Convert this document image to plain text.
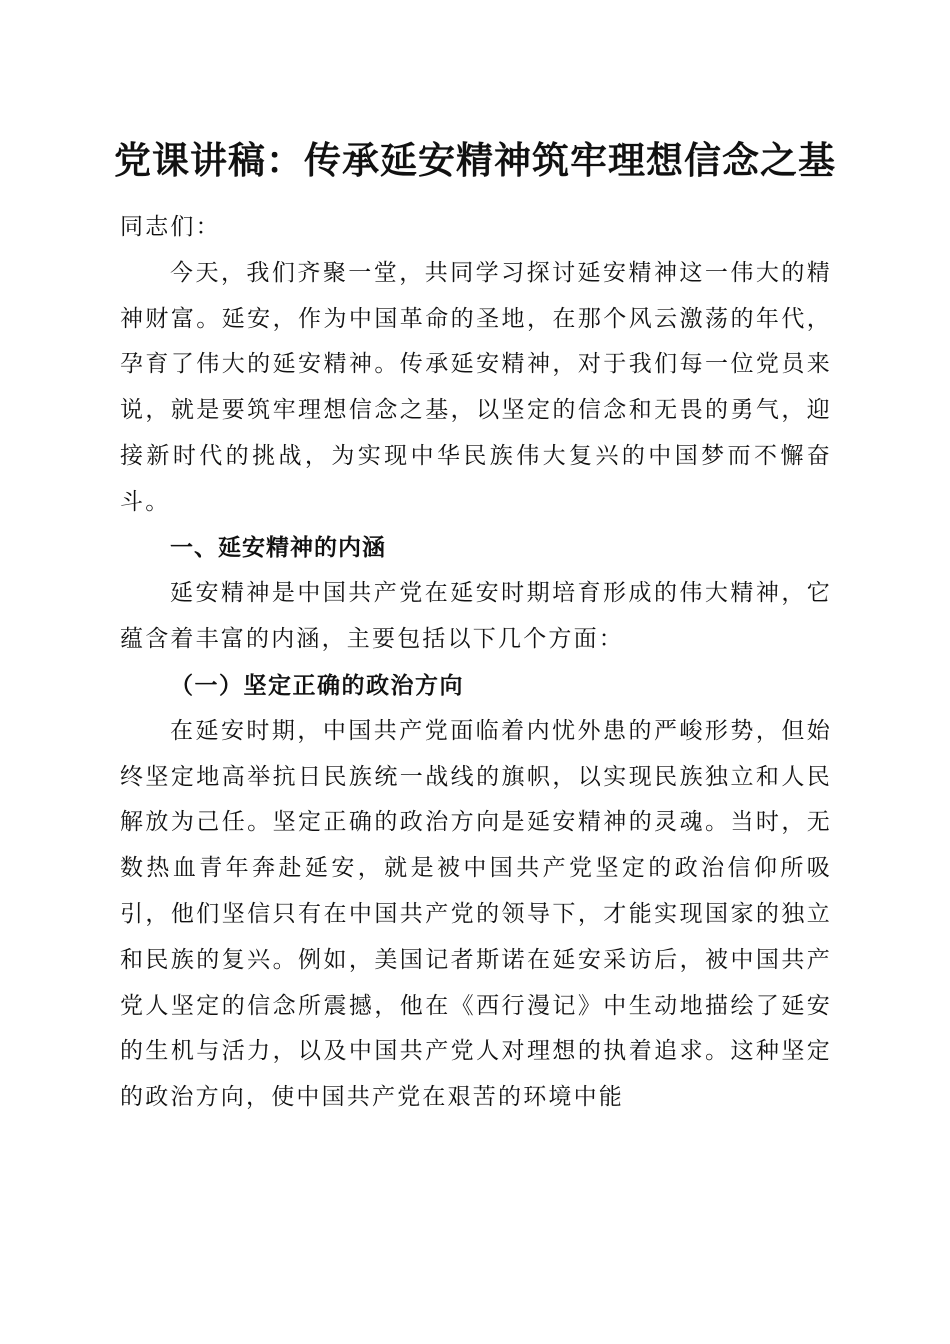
党课讲稿：传承延安精神筑牢理想信念之基

同志们：

今天，我们齐聚一堂，共同学习探讨延安精神这一伟大的精神财富。延安，作为中国革命的圣地，在那个风云激荡的年代，孕育了伟大的延安精神。传承延安精神，对于我们每一位党员来说，就是要筑牢理想信念之基，以坚定的信念和无畏的勇气，迎接新时代的挑战，为实现中华民族伟大复兴的中国梦而不懈奋斗。

一、延安精神的内涵

延安精神是中国共产党在延安时期培育形成的伟大精神，它蕴含着丰富的内涵，主要包括以下几个方面：

（一）坚定正确的政治方向

在延安时期，中国共产党面临着内忧外患的严峻形势，但始终坚定地高举抗日民族统一战线的旗帜，以实现民族独立和人民解放为己任。坚定正确的政治方向是延安精神的灵魂。当时，无数热血青年奔赴延安，就是被中国共产党坚定的政治信仰所吸引，他们坚信只有在中国共产党的领导下，才能实现国家的独立和民族的复兴。例如，美国记者斯诺在延安采访后，被中国共产党人坚定的信念所震撼，他在《西行漫记》中生动地描绘了延安的生机与活力，以及中国共产党人对理想的执着追求。这种坚定的政治方向，使中国共产党在艰苦的环境中能
